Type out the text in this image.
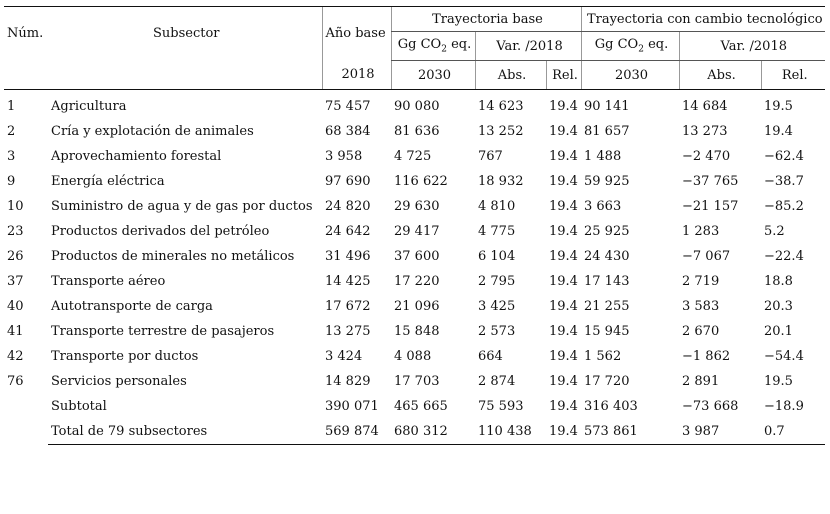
Núm.	Subsector	Año base	Trayectoria base			Trayectoria con cambio tecnológico		
			Gg $CO_2$ eq.	Var. /2018		Gg $CO_2$ eq.	Var. /2018	
		2018	2030	Abs.	Rel.	2030	Abs.	Rel.
1	Agricultura	75 457	90 080	14 623	19.4	90 141	14 684	19.5
2	Cría y explotación de animales	68 384	81 636	13 252	19.4	81 657	13 273	19.4
3	Aprovechamiento forestal	3 958	4 725	767	19.4	1 488	−2 470	−62.4
9	Energía eléctrica	97 690	116 622	18 932	19.4	59 925	−37 765	−38.7
10	Suministro de agua y de gas por ductos	24 820	29 630	4 810	19.4	3 663	−21 157	−85.2
23	Productos derivados del petróleo	24 642	29 417	4 775	19.4	25 925	1 283	5.2
26	Productos de minerales no metálicos	31 496	37 600	6 104	19.4	24 430	−7 067	−22.4
37	Transporte aéreo	14 425	17 220	2 795	19.4	17 143	2 719	18.8
40	Autotransporte de carga	17 672	21 096	3 425	19.4	21 255	3 583	20.3
41	Transporte terrestre de pasajeros	13 275	15 848	2 573	19.4	15 945	2 670	20.1
42	Transporte por ductos	3 424	4 088	664	19.4	1 562	−1 862	−54.4
76	Servicios personales	14 829	17 703	2 874	19.4	17 720	2 891	19.5
	Subtotal	390 071	465 665	75 593	19.4	316 403	−73 668	−18.9
	Total de 79 subsectores	569 874	680 312	110 438	19.4	573 861	3 987	0.7
